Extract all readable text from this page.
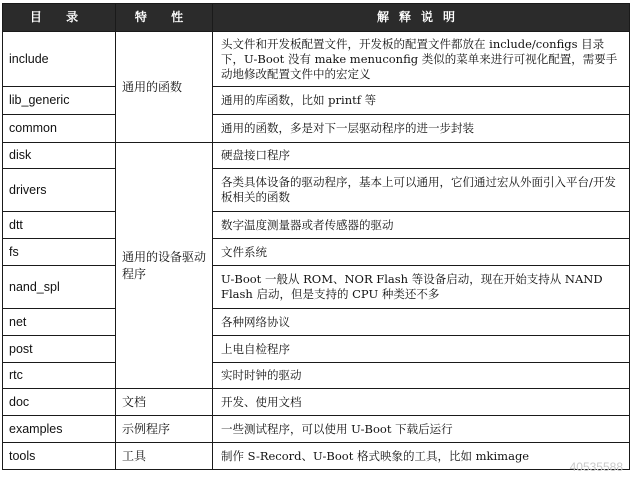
目 录	特 性	解释说明
include	通用的函数	头文件和开发板配置文件，开发板的配置文件都放在 include/configs 目录下，U-Boot 没有 make menuconfig 类似的菜单来进行可视化配置，需要手动地修改配置文件中的宏定义
lib_generic		通用的库函数，比如 printf 等
common		通用的函数，多是对下一层驱动程序的进一步封装
disk	通用的设备驱动程序	硬盘接口程序
drivers		各类具体设备的驱动程序，基本上可以通用，它们通过宏从外面引入平台/开发板相关的函数
dtt		数字温度测量器或者传感器的驱动
fs		文件系统
nand_spl		U-Boot 一般从 ROM、NOR Flash 等设备启动，现在开始支持从 NAND Flash 启动，但是支持的 CPU 种类还不多
net		各种网络协议
post		上电自检程序
rtc		实时时钟的驱动
doc	文档	开发、使用文档
examples	示例程序	一些测试程序，可以使用 U-Boot 下载后运行
tools	工具	制作 S-Record、U-Boot 格式映象的工具，比如 mkimage
40535588
